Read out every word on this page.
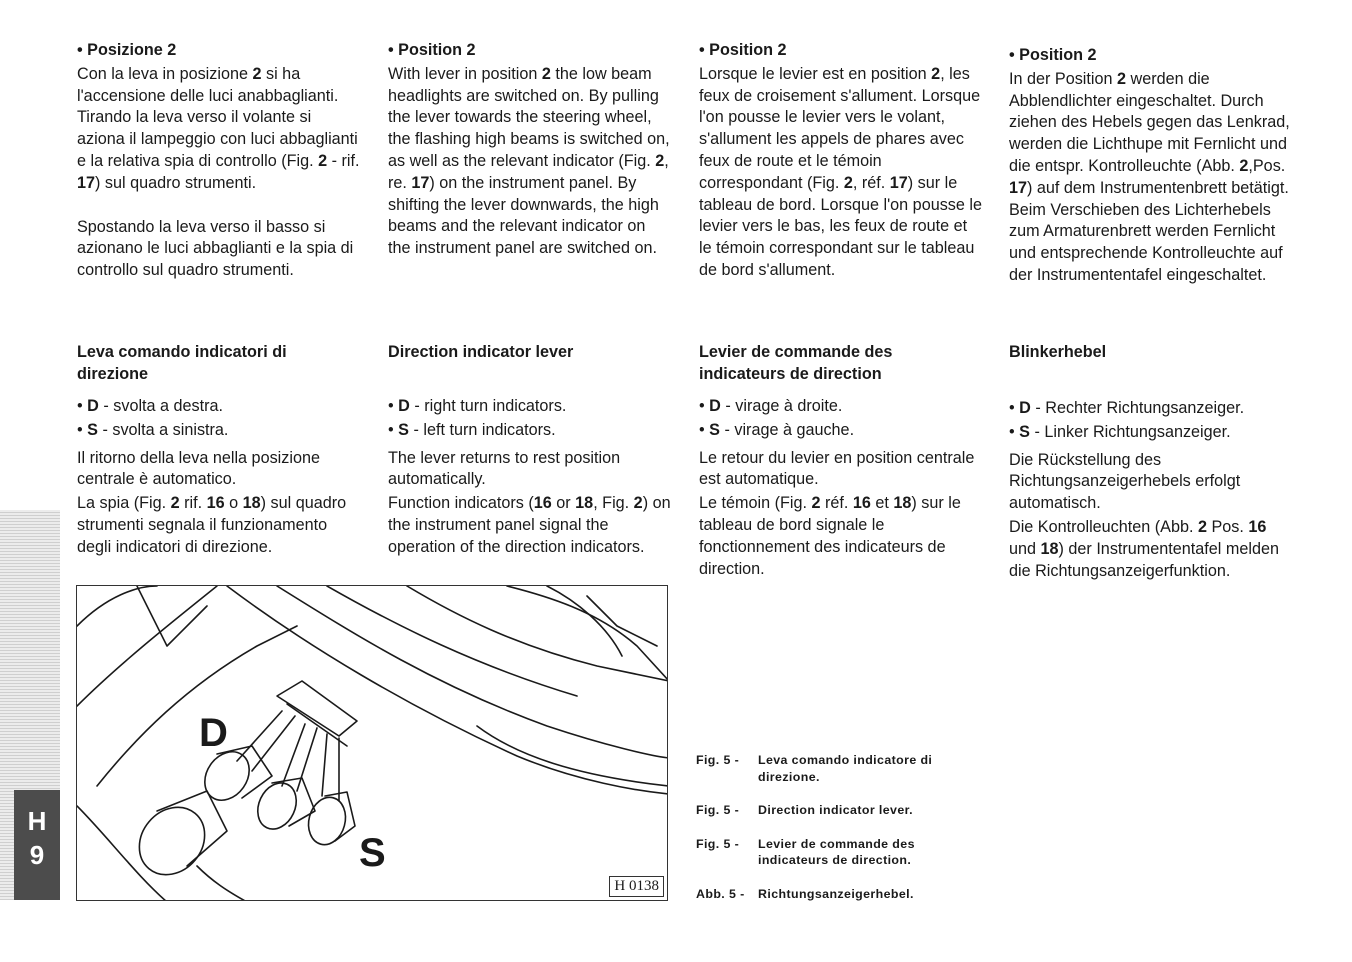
H
9

• Posizione 2

Con la leva in posizione 2 si ha l'accensione delle luci anabbaglianti. Tirando la leva verso il volante si aziona il lampeggio con luci abbaglianti e la relativa spia di controllo (Fig. 2 - rif. 17) sul quadro strumenti.

Spostando la leva verso il basso si azionano le luci abbaglianti e la spia di controllo sul quadro strumenti.

Leva comando indicatori di direzione

• D - svolta a destra.

• S - svolta a sinistra.

Il ritorno della leva nella posizione centrale è automatico.

La spia (Fig. 2 rif. 16 o 18) sul quadro strumenti segnala il funzionamento degli indicatori di direzione.

• Position 2

With lever in position 2 the low beam headlights are switched on. By pulling the lever towards the steering wheel, the flashing high beams is switched on, as well as the relevant indicator (Fig. 2, re. 17) on the instrument panel. By shifting the lever downwards, the high beams and the relevant indicator on the instrument panel are switched on.

Direction indicator lever

• D - right turn indicators.

• S - left turn indicators.

The lever returns to rest position automatically.

Function indicators (16 or 18, Fig. 2) on the instrument panel signal the operation of the direction indicators.

• Position 2

Lorsque le levier est en position 2, les feux de croisement s'allument. Lorsque l'on pousse le levier vers le volant, s'allument les appels de phares avec feux de route et le témoin correspondant (Fig. 2, réf. 17) sur le tableau de bord. Lorsque l'on pousse le levier vers le bas, les feux de route et le témoin correspondant sur le tableau de bord s'allument.

Levier de commande des indicateurs de direction

• D - virage à droite.

• S - virage à gauche.

Le retour du levier en position centrale est automatique.

Le témoin (Fig. 2 réf. 16 et 18) sur le tableau de bord signale le fonctionnement des indicateurs de direction.

• Position 2

In der Position 2 werden die Abblendlichter eingeschaltet. Durch ziehen des Hebels gegen das Lenkrad, werden die Lichthupe mit Fernlicht und die entspr. Kontrolleuchte (Abb. 2,Pos. 17) auf dem Instrumentenbrett betätigt. Beim Verschieben des Lichterhebels zum Armaturenbrett werden Fernlicht und entsprechende Kontrolleuchte auf der Instrumententafel eingeschaltet.

Blinkerhebel

• D - Rechter Richtungsanzeiger.

• S - Linker Richtungsanzeiger.

Die Rückstellung des Richtungsanzeigerhebels erfolgt automatisch.

Die Kontrolleuchten (Abb. 2 Pos. 16 und 18) der Instrumententafel melden die Richtungsanzeigerfunktion.

D
S
H 0138
Fig. 5 -	Leva comando indicatore di direzione.
Fig. 5 -	Direction indicator lever.
Fig. 5 -	Levier de commande des indicateurs de direction.
Abb. 5 -	Richtungsanzeigerhebel.
